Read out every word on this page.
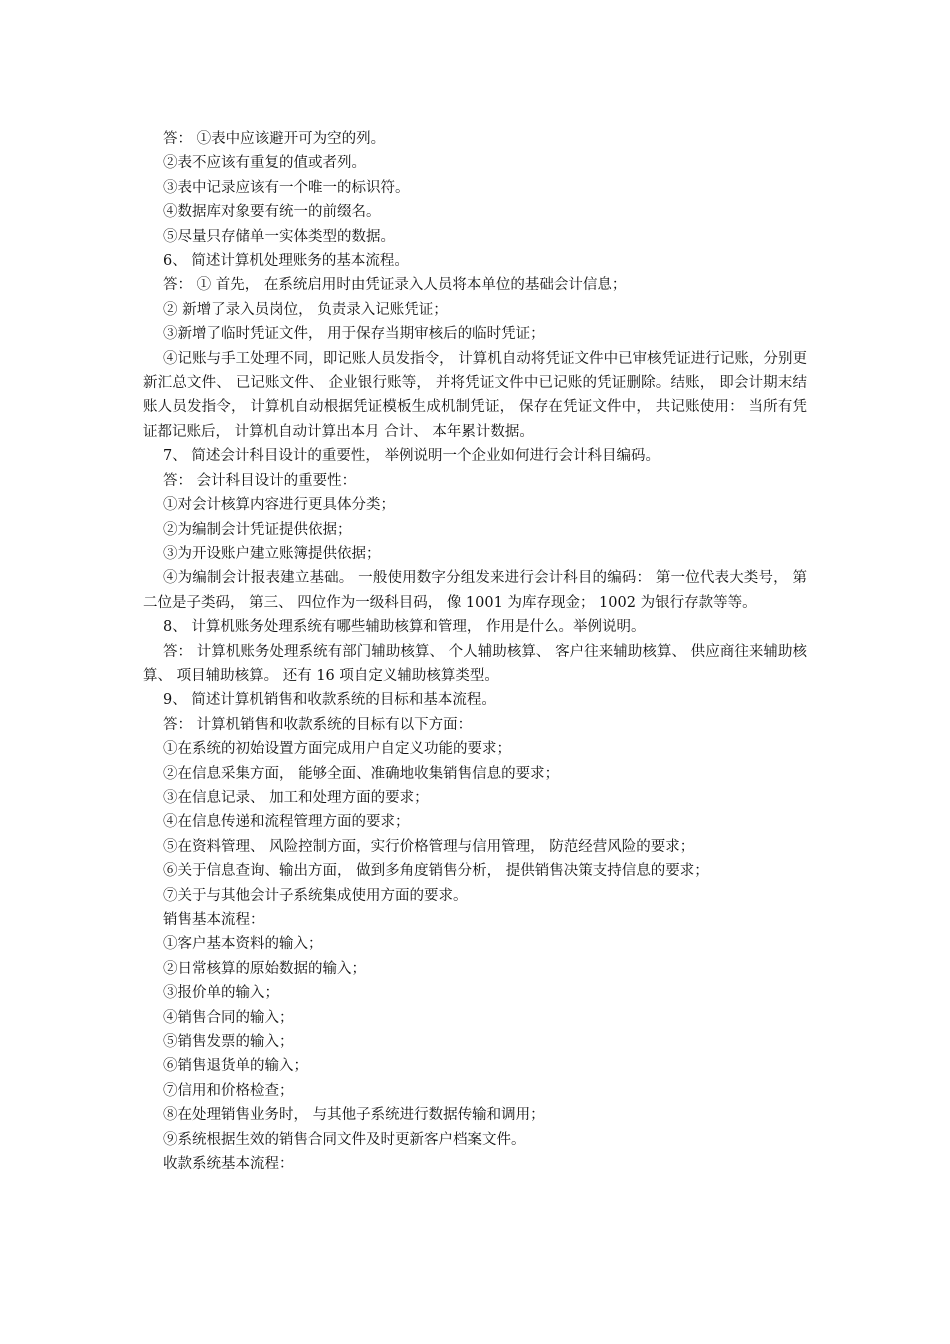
答： ①表中应该避开可为空的列。
②表不应该有重复的值或者列。
③表中记录应该有一个唯一的标识符。
④数据库对象要有统一的前缀名。
⑤尽量只存储单一实体类型的数据。
6、 简述计算机处理账务的基本流程。
答： ① 首先， 在系统启用时由凭证录入人员将本单位的基础会计信息；
② 新增了录入员岗位， 负责录入记账凭证；
③新增了临时凭证文件， 用于保存当期审核后的临时凭证；
④记账与手工处理不同，即记账人员发指令， 计算机自动将凭证文件中已审核凭证进行记账，分别更新汇总文件、 已记账文件、 企业银行账等， 并将凭证文件中已记账的凭证删除。结账， 即会计期末结账人员发指令， 计算机自动根据凭证模板生成机制凭证， 保存在凭证文件中， 共记账使用： 当所有凭证都记账后， 计算机自动计算出本月 合计、 本年累计数据。
7、 简述会计科目设计的重要性， 举例说明一个企业如何进行会计科目编码。
答： 会计科目设计的重要性：
①对会计核算内容进行更具体分类；
②为编制会计凭证提供依据；
③为开设账户建立账簿提供依据；
④为编制会计报表建立基础。 一般使用数字分组发来进行会计科目的编码： 第一位代表大类号， 第二位是子类码， 第三、 四位作为一级科目码， 像 1001 为库存现金； 1002 为银行存款等等。
8、 计算机账务处理系统有哪些辅助核算和管理， 作用是什么。举例说明。
答： 计算机账务处理系统有部门辅助核算、 个人辅助核算、 客户往来辅助核算、 供应商往来辅助核算、 项目辅助核算。 还有 16 项自定义辅助核算类型。
9、 简述计算机销售和收款系统的目标和基本流程。
答： 计算机销售和收款系统的目标有以下方面：
①在系统的初始设置方面完成用户自定义功能的要求；
②在信息采集方面， 能够全面、准确地收集销售信息的要求；
③在信息记录、 加工和处理方面的要求；
④在信息传递和流程管理方面的要求；
⑤在资料管理、 风险控制方面，实行价格管理与信用管理， 防范经营风险的要求；
⑥关于信息查询、输出方面， 做到多角度销售分析， 提供销售决策支持信息的要求；
⑦关于与其他会计子系统集成使用方面的要求。
销售基本流程：
①客户基本资料的输入；
②日常核算的原始数据的输入；
③报价单的输入；
④销售合同的输入；
⑤销售发票的输入；
⑥销售退货单的输入；
⑦信用和价格检查；
⑧在处理销售业务时， 与其他子系统进行数据传输和调用；
⑨系统根据生效的销售合同文件及时更新客户档案文件。
收款系统基本流程：
